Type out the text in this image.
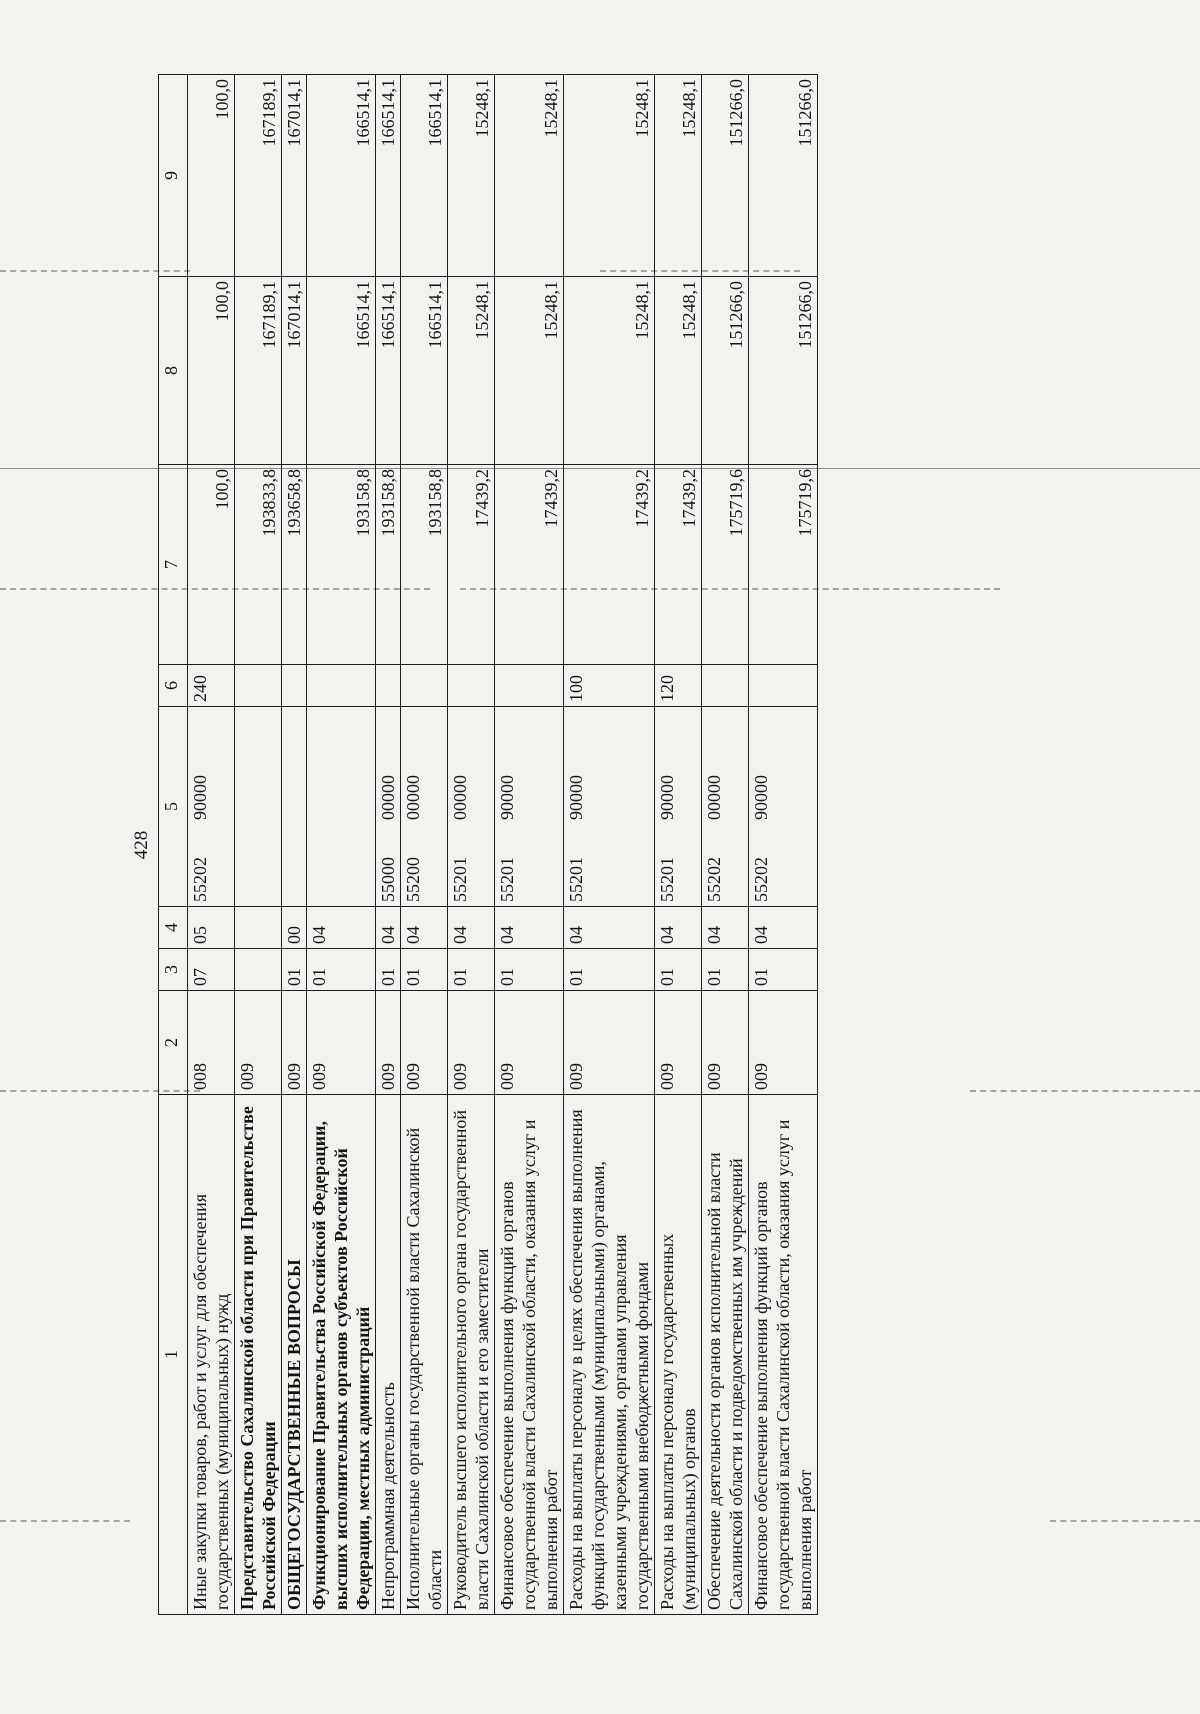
428
1	2	3	4	5	6	7	8	9
Иные закупки товаров, работ и услуг для обеспечения государственных (муниципальных) нужд	008	07	05	5520290000	240	100,0	100,0	100,0
Представительство Сахалинской области при Правительстве Российской Федерации	009					193833,8	167189,1	167189,1
ОБЩЕГОСУДАРСТВЕННЫЕ ВОПРОСЫ	009	01	00			193658,8	167014,1	167014,1
Функционирование Правительства Российской Федерации, высших исполнительных органов субъектов Российской Федерации, местных администраций	009	01	04			193158,8	166514,1	166514,1
Непрограммная деятельность	009	01	04	5500000000		193158,8	166514,1	166514,1
Исполнительные органы государственной власти Сахалинской области	009	01	04	5520000000		193158,8	166514,1	166514,1
Руководитель высшего исполнительного органа государственной власти Сахалинской области и его заместители	009	01	04	5520100000		17439,2	15248,1	15248,1
Финансовое обеспечение выполнения функций органов государственной власти Сахалинской области, оказания услуг и выполнения работ	009	01	04	5520190000		17439,2	15248,1	15248,1
Расходы на выплаты персоналу в целях обеспечения выполнения функций государственными (муниципальными) органами, казенными учреждениями, органами управления государственными внебюджетными фондами	009	01	04	5520190000	100	17439,2	15248,1	15248,1
Расходы на выплаты персоналу государственных (муниципальных) органов	009	01	04	5520190000	120	17439,2	15248,1	15248,1
Обеспечение деятельности органов исполнительной власти Сахалинской области и подведомственных им учреждений	009	01	04	5520200000		175719,6	151266,0	151266,0
Финансовое обеспечение выполнения функций органов государственной власти Сахалинской области, оказания услуг и выполнения работ	009	01	04	5520290000		175719,6	151266,0	151266,0
